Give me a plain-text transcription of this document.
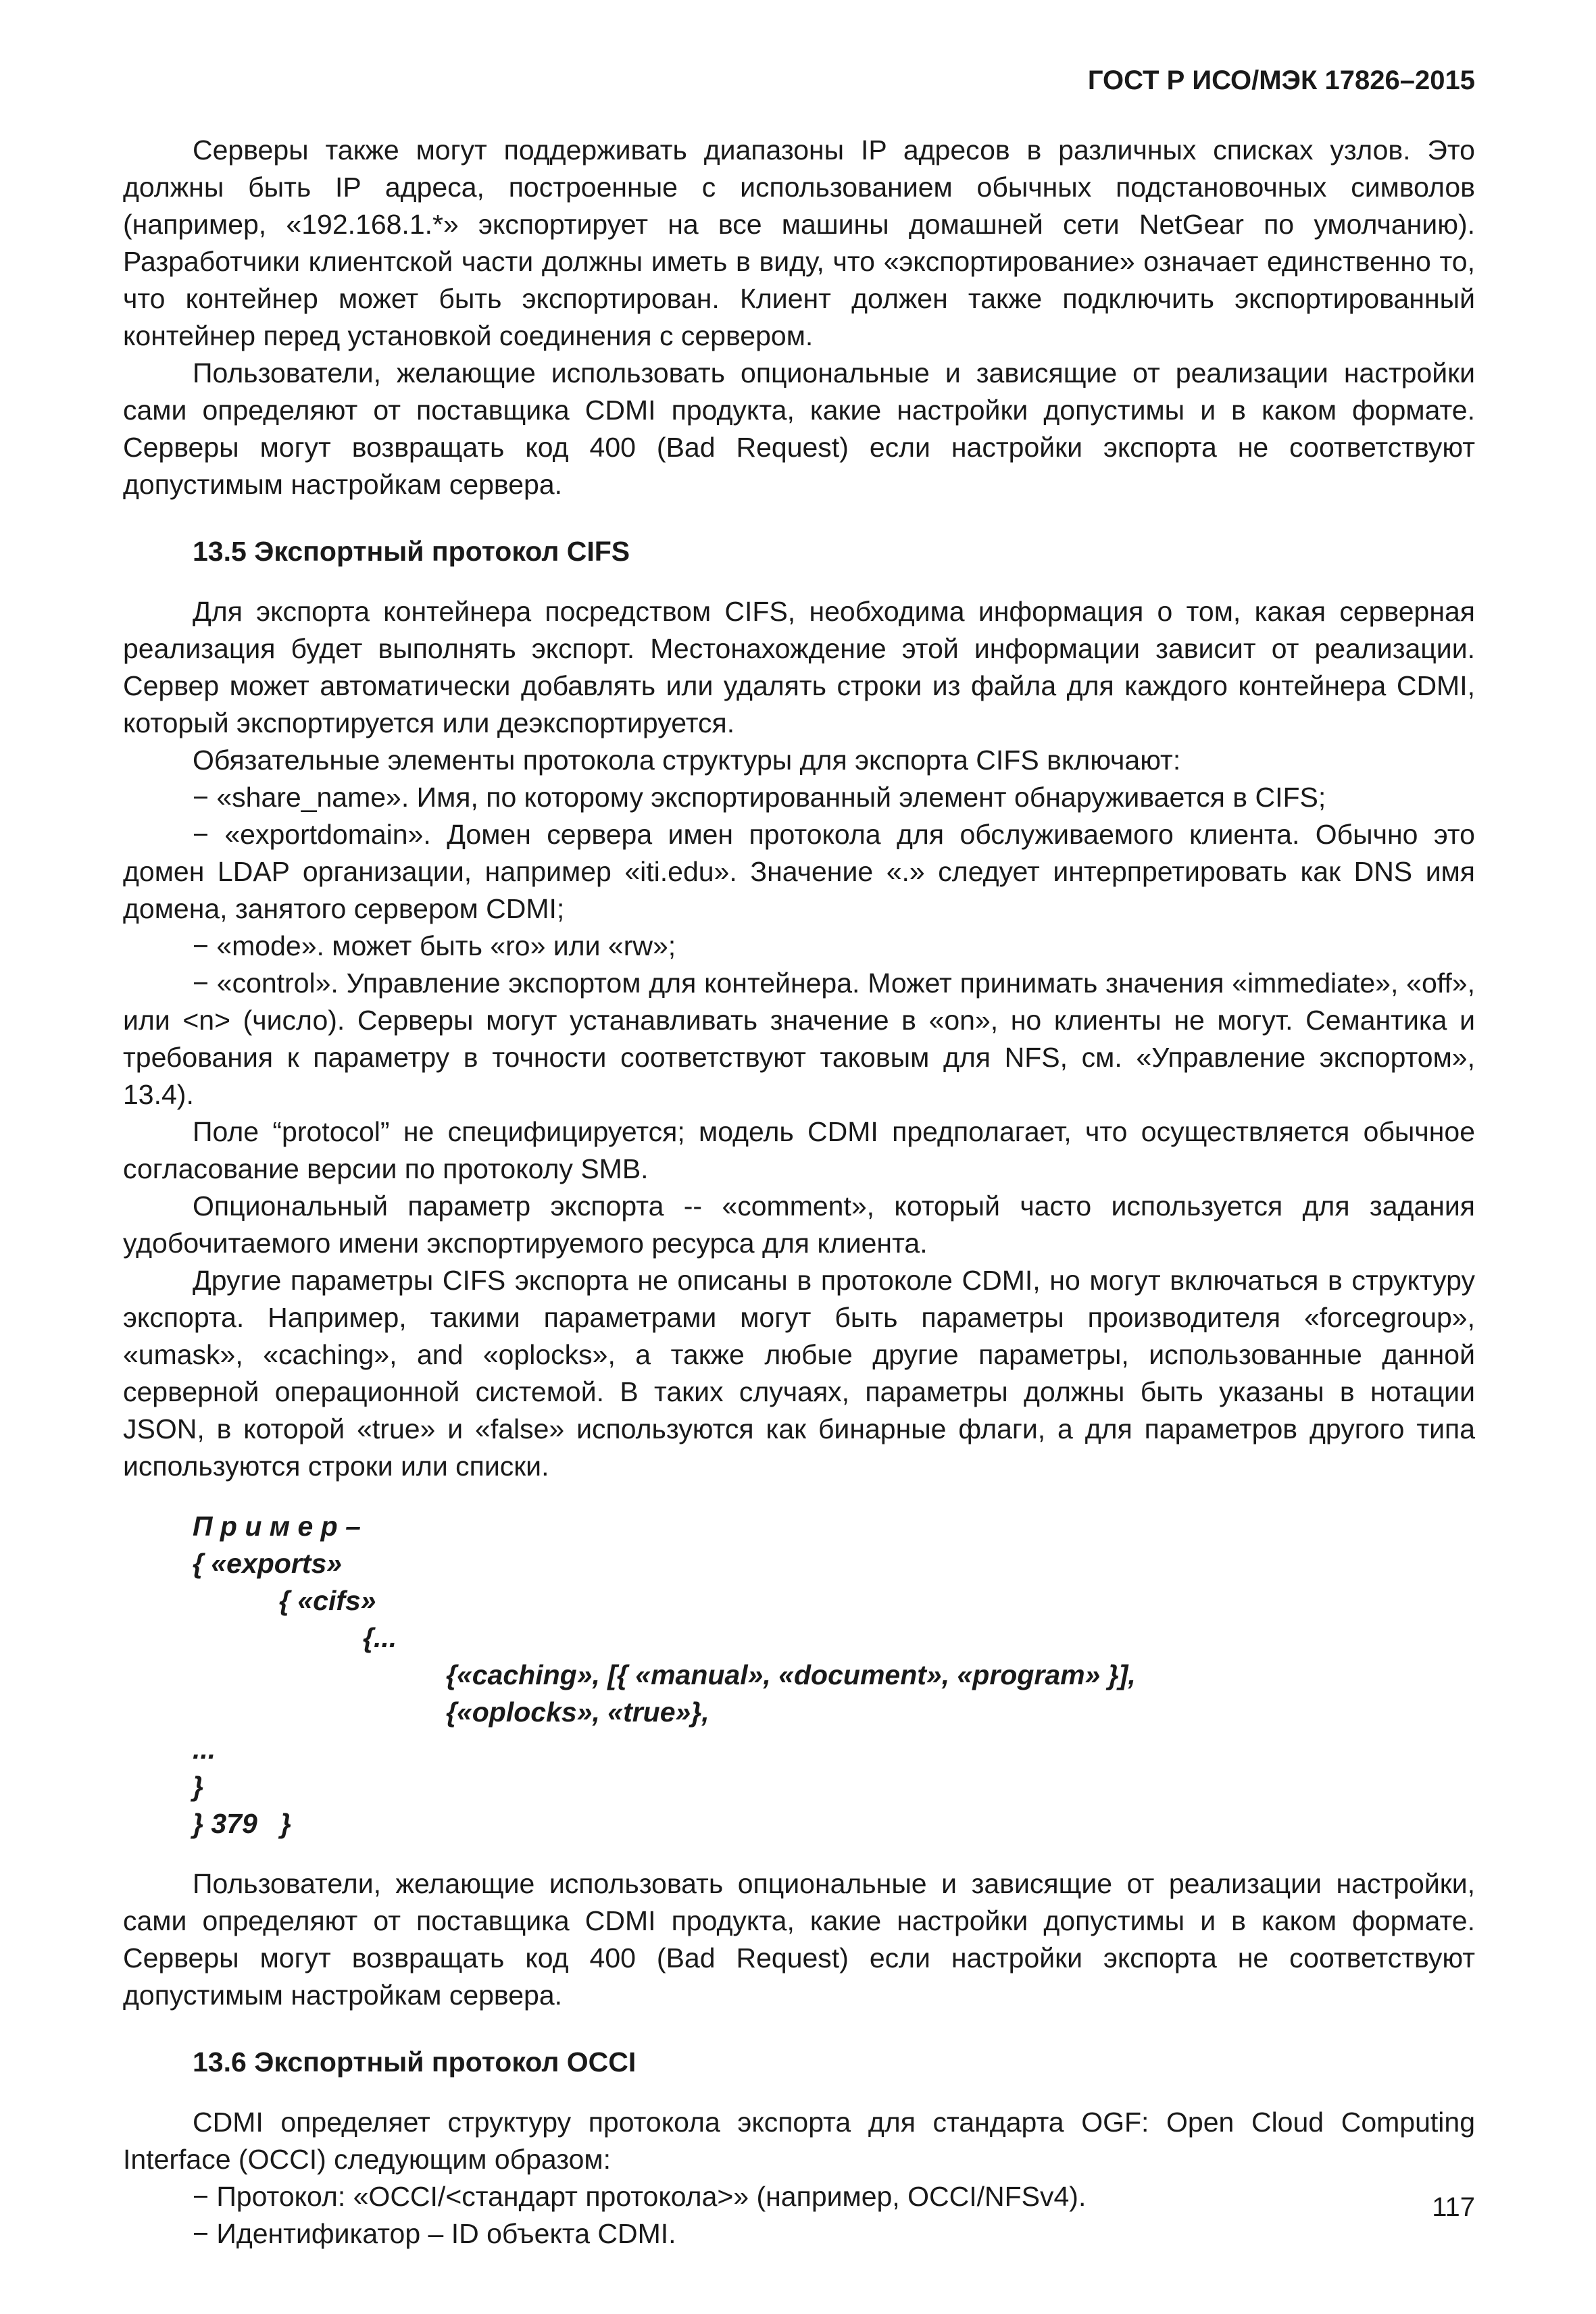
ГОСТ Р ИСО/МЭК 17826–2015

Серверы также могут поддерживать диапазоны IP адресов в различных списках узлов. Это должны быть IP адреса, построенные с использованием обычных подстановочных символов (например, «192.168.1.*» экспортирует на все машины домашней сети NetGear по умолчанию). Разработчики клиентской части должны иметь в виду, что «экспортирование» означает единственно то, что контейнер может быть экспортирован. Клиент должен также подключить экспортированный контейнер перед установкой соединения с сервером.

Пользователи, желающие использовать опциональные и зависящие от реализации настройки сами определяют от поставщика CDMI продукта, какие настройки допустимы и в каком формате. Серверы могут возвращать код 400 (Bad Request) если настройки экспорта не соответствуют допустимым настройкам сервера.

13.5 Экспортный протокол CIFS

Для экспорта контейнера посредством CIFS, необходима информация о том, какая серверная реализация будет выполнять экспорт. Местонахождение этой информации зависит от реализации. Сервер может автоматически добавлять или удалять строки из файла для каждого контейнера CDMI, который экспортируется или деэкспортируется.

Обязательные элементы протокола структуры для экспорта CIFS включают:

− «share_name». Имя, по которому экспортированный элемент обнаруживается в CIFS;

− «exportdomain». Домен сервера имен протокола для обслуживаемого клиента. Обычно это домен LDAP организации, например «iti.edu». Значение «.» следует интерпретировать как DNS имя домена, занятого сервером CDMI;

− «mode». может быть «ro» или «rw»;

− «control». Управление экспортом для контейнера. Может принимать значения «immediate», «off», или <n> (число). Серверы могут устанавливать значение в «on», но клиенты не могут. Семантика и требования к параметру в точности соответствуют таковым для NFS, см. «Управление экспортом», 13.4).

Поле “protocol” не специфицируется; модель CDMI предполагает, что осуществляется обычное согласование версии по протоколу SMB.

Опциональный параметр экспорта -- «comment», который часто используется для задания удобочитаемого имени экспортируемого ресурса для клиента.

Другие параметры CIFS экспорта не описаны в протоколе CDMI, но могут включаться в структуру экспорта. Например, такими параметрами могут быть параметры производителя «forcegroup», «umask», «caching», and «oplocks», а также любые другие параметры, использованные данной серверной операционной системой. В таких случаях, параметры должны быть указаны в нотации JSON, в которой «true» и «false» используются как бинарные флаги, а для параметров другого типа используются строки или списки.

П р и м е р –

{ «exports»

{ «cifs»

{...

{«caching», [{ «manual», «document», «program» }],

{«oplocks», «true»},

...

}

} 379   }

Пользователи, желающие использовать опциональные и зависящие от реализации настройки, сами определяют от поставщика CDMI продукта, какие настройки допустимы и в каком формате. Серверы могут возвращать код 400 (Bad Request) если настройки экспорта не соответствуют допустимым настройкам сервера.

13.6 Экспортный протокол OCCI

CDMI определяет структуру протокола экспорта для стандарта OGF: Open Cloud Computing Interface (OCCI) следующим образом:

− Протокол: «OCCI/<стандарт протокола>» (например, OCCI/NFSv4).

− Идентификатор – ID объекта CDMI.

117
